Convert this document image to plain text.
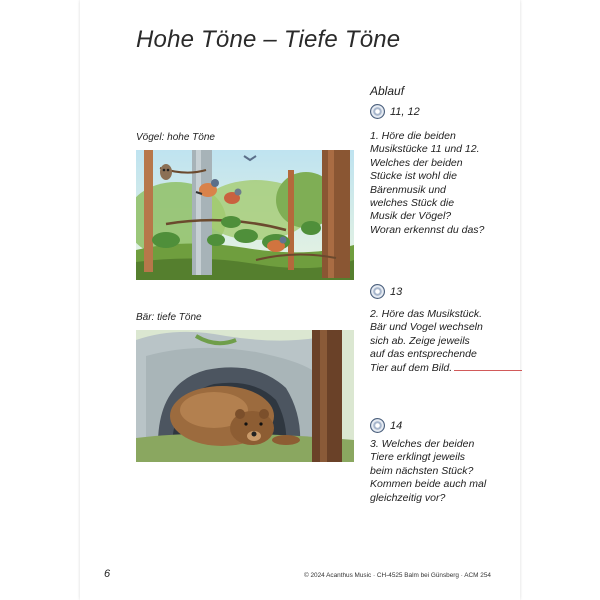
Hohe Töne – Tiefe Töne
Vögel: hohe Töne
Bär: tiefe Töne
Ablauf
11, 12
1. Höre die beiden
Musikstücke 11 und 12.
Welches der beiden
Stücke ist wohl die
Bärenmusik und
welches Stück die
Musik der Vögel?
Woran erkennst du das?
13
2. Höre das Musikstück.
Bär und Vogel wechseln
sich ab. Zeige jeweils
auf das entsprechende
Tier auf dem Bild.
14
3. Welches der beiden
Tiere erklingt jeweils
beim nächsten Stück?
Kommen beide auch mal
gleichzeitig vor?
6	© 2024 Acanthus Music · CH-4525 Balm bei Günsberg · ACM 254
